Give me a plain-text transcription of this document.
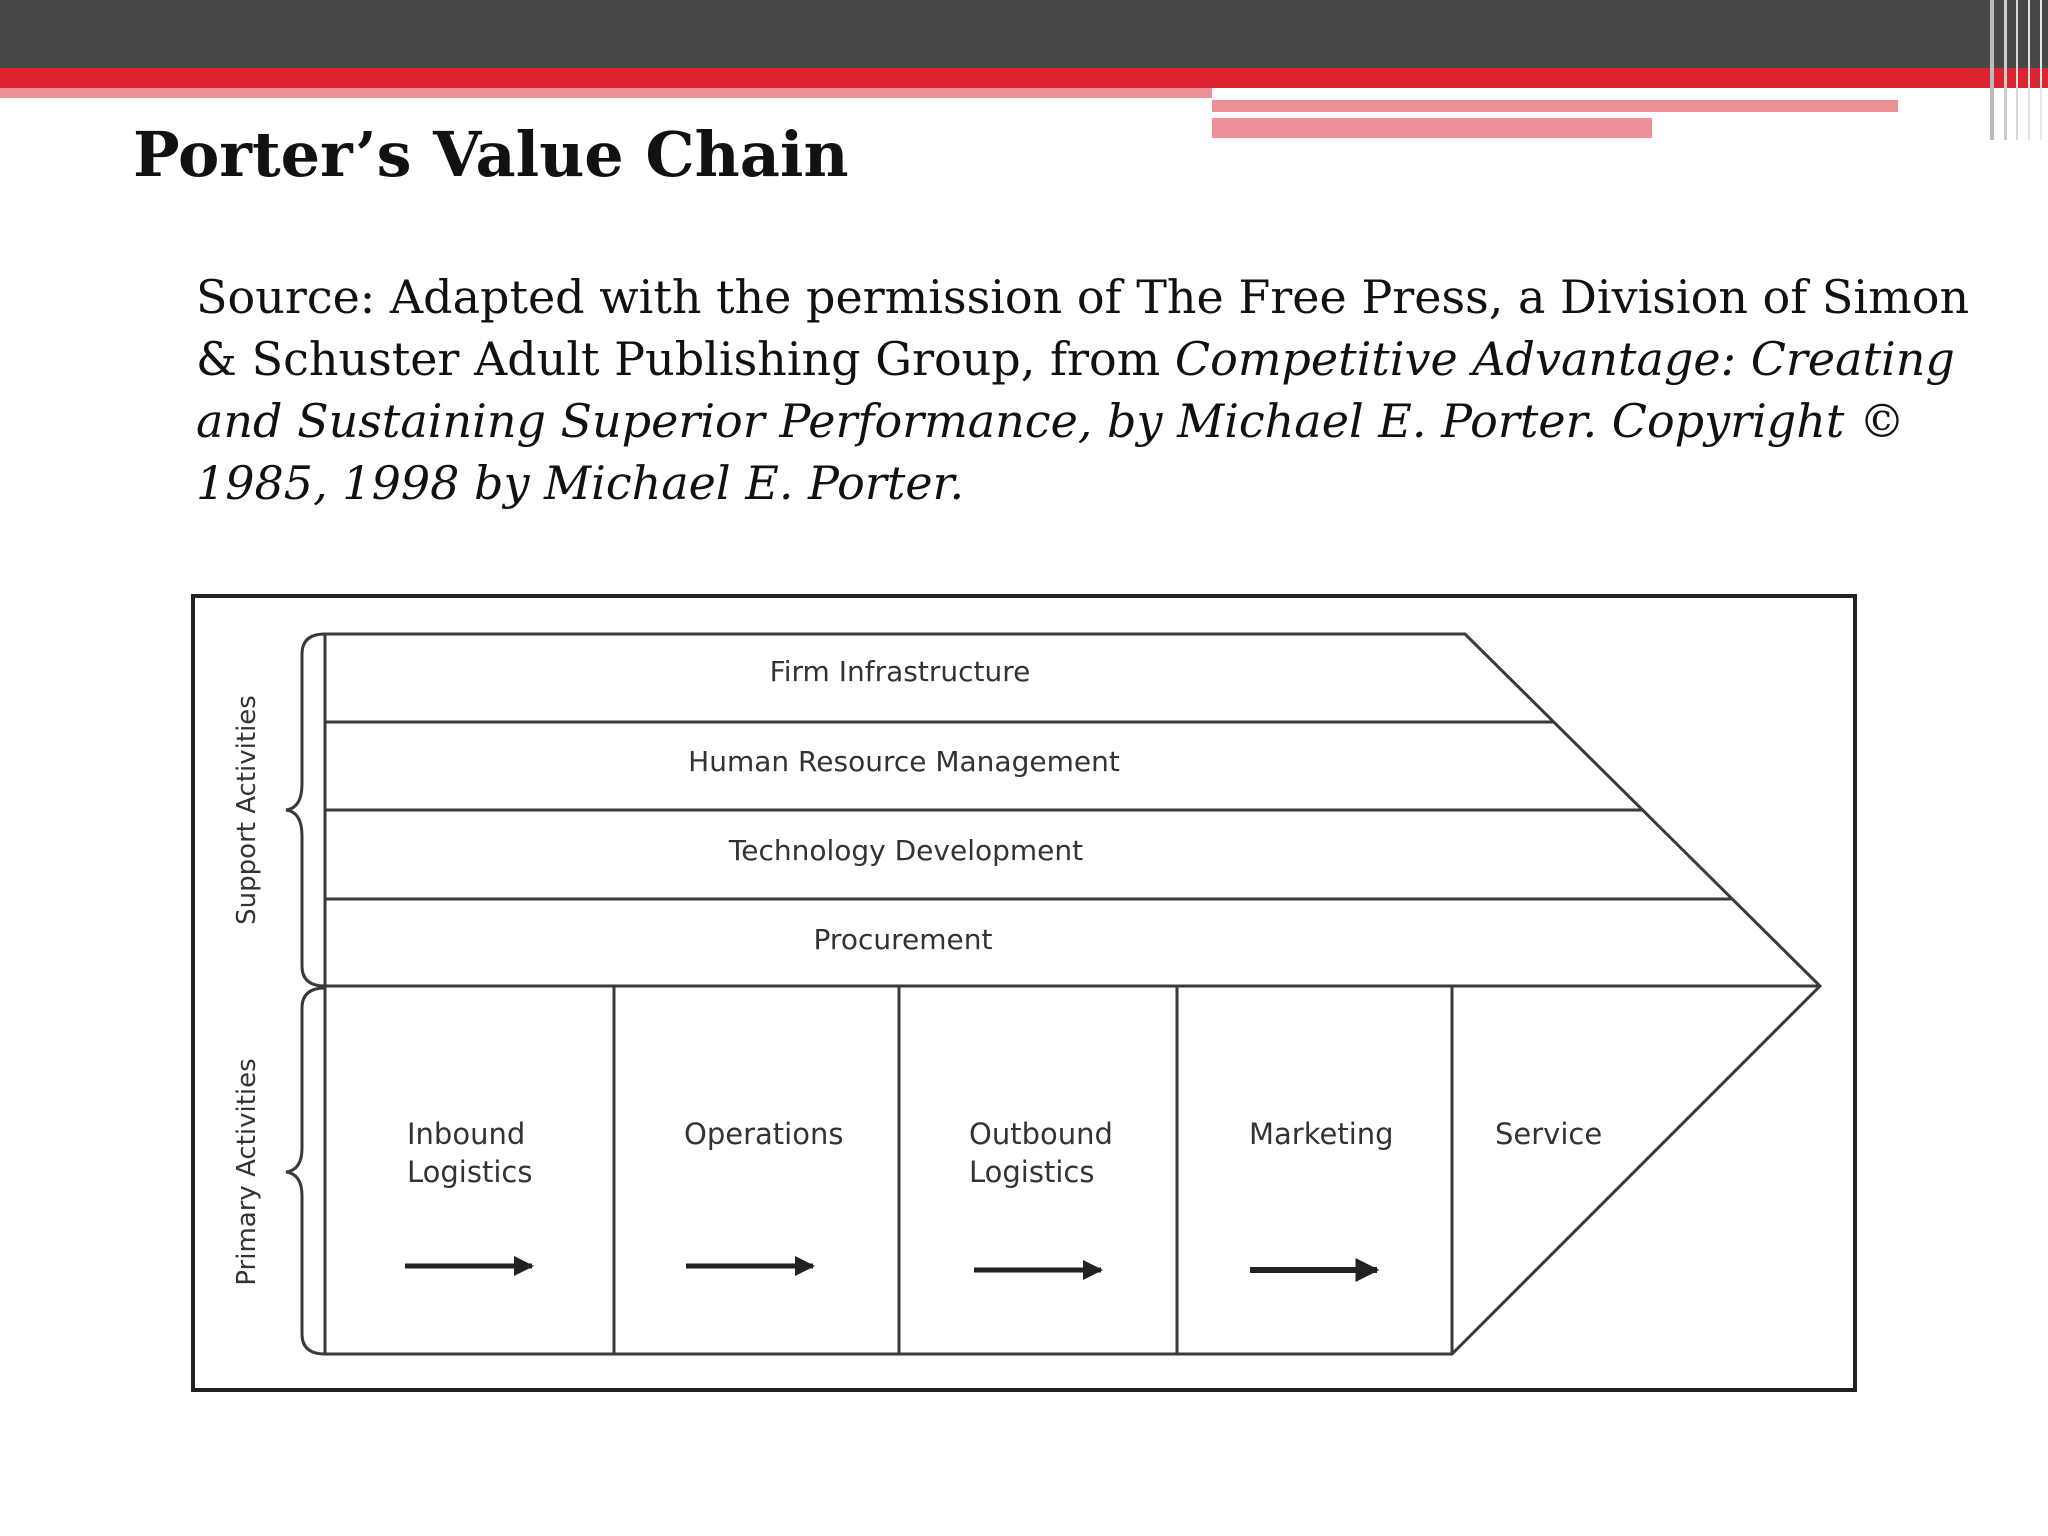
Porter’s Value Chain

Source: Adapted with the permission of The Free Press, a Division of Simon & Schuster Adult Publishing Group, from Competitive Advantage: Creating and Sustaining Superior Performance, by Michael E. Porter. Copyright © 1985, 1998 by Michael E. Porter.

Support Activities
Primary Activities
Firm Infrastructure
Human Resource Management
Technology Development
Procurement
Inbound
Logistics
Operations	Outbound
Logistics
Marketing	Service
